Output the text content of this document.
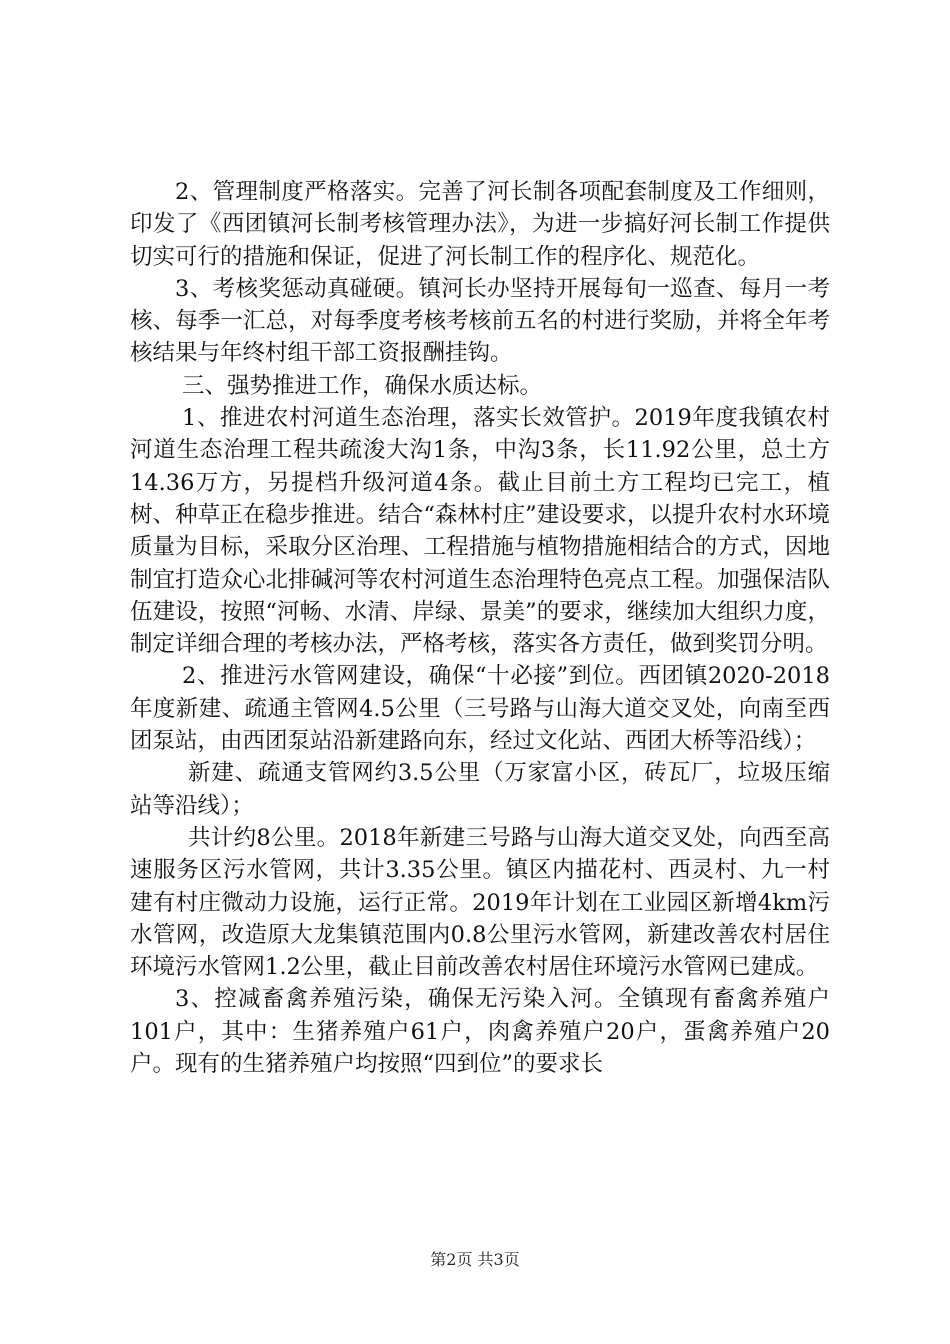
2、管理制度严格落实。完善了河长制各项配套制度及工作细则，印发了《西团镇河长制考核管理办法》，为进一步搞好河长制工作提供切实可行的措施和保证，促进了河长制工作的程序化、规范化。

3、考核奖惩动真碰硬。镇河长办坚持开展每旬一巡查、每月一考核、每季一汇总，对每季度考核考核前五名的村进行奖励，并将全年考核结果与年终村组干部工资报酬挂钩。

三、强势推进工作，确保水质达标。

1、推进农村河道生态治理，落实长效管护。2019年度我镇农村河道生态治理工程共疏浚大沟1条，中沟3条，长11.92公里，总土方14.36万方，另提档升级河道4条。截止目前土方工程均已完工，植树、种草正在稳步推进。结合“森林村庄”建设要求，以提升农村水环境质量为目标，采取分区治理、工程措施与植物措施相结合的方式，因地制宜打造众心北排碱河等农村河道生态治理特色亮点工程。加强保洁队伍建设，按照“河畅、水清、岸绿、景美”的要求，继续加大组织力度，制定详细合理的考核办法，严格考核，落实各方责任，做到奖罚分明。

2、推进污水管网建设，确保“十必接”到位。西团镇2020-2018年度新建、疏通主管网4.5公里（三号路与山海大道交叉处，向南至西团泵站，由西团泵站沿新建路向东，经过文化站、西团大桥等沿线）；

新建、疏通支管网约3.5公里（万家富小区，砖瓦厂，垃圾压缩站等沿线）；

共计约8公里。2018年新建三号路与山海大道交叉处，向西至高速服务区污水管网，共计3.35公里。镇区内描花村、西灵村、九一村建有村庄微动力设施，运行正常。2019年计划在工业园区新增4km污水管网，改造原大龙集镇范围内0.8公里污水管网，新建改善农村居住环境污水管网1.2公里，截止目前改善农村居住环境污水管网已建成。

3、控减畜禽养殖污染，确保无污染入河。全镇现有畜禽养殖户101户，其中：生猪养殖户61户，肉禽养殖户20户，蛋禽养殖户20户。现有的生猪养殖户均按照“四到位”的要求长

第2页 共3页
